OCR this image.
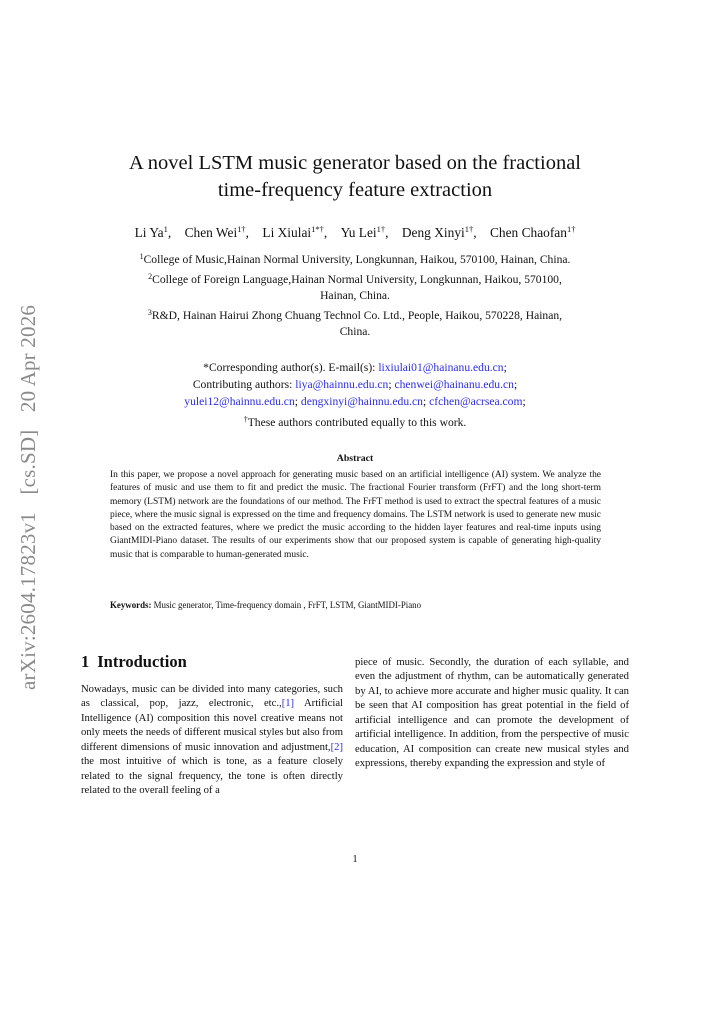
arXiv:2604.17823v1 [cs.SD] 20 Apr 2026
A novel LSTM music generator based on the fractional
time-frequency feature extraction
Li Ya$^1$, Chen Wei$^{1\dagger}$, Li Xiulai$^{1*\dagger}$, Yu Lei$^{1\dagger}$, Deng Xinyi$^{1\dagger}$, Chen Chaofan$^{1\dagger}$
$^1$College of Music,Hainan Normal University, Longkunnan, Haikou, 570100, Hainan, China.
$^2$College of Foreign Language,Hainan Normal University, Longkunnan, Haikou, 570100,
Hainan, China.
$^3$R&D, Hainan Hairui Zhong Chuang Technol Co. Ltd., People, Haikou, 570228, Hainan,
China.
*Corresponding author(s). E-mail(s): lixiulai01@hainanu.edu.cn;
Contributing authors: liya@hainnu.edu.cn; chenwei@hainanu.edu.cn;
yulei12@hainnu.edu.cn; dengxinyi@hainnu.edu.cn; cfchen@acrsea.com;
†These authors contributed equally to this work.
Abstract
In this paper, we propose a novel approach for generating music based on an artificial intelligence (AI) system. We analyze the features of music and use them to fit and predict the music. The fractional Fourier transform (FrFT) and the long short-term memory (LSTM) network are the foundations of our method. The FrFT method is used to extract the spectral features of a music piece, where the music signal is expressed on the time and frequency domains. The LSTM network is used to generate new music based on the extracted features, where we predict the music according to the hidden layer features and real-time inputs using GiantMIDI-Piano dataset. The results of our experiments show that our proposed system is capable of generating high-quality music that is comparable to human-generated music.
Keywords: Music generator, Time-frequency domain , FrFT, LSTM, GiantMIDI-Piano
1 Introduction
Nowadays, music can be divided into many categories, such as classical, pop, jazz, electronic, etc.,[1] Artificial Intelligence (AI) composition this novel creative means not only meets the needs of different musical styles but also from different dimensions of music innovation and adjustment,[2] the most intuitive of which is tone, as a feature closely related to the signal frequency, the tone is often directly related to the overall feeling of a
piece of music. Secondly, the duration of each syllable, and even the adjustment of rhythm, can be automatically generated by AI, to achieve more accurate and higher music quality. It can be seen that AI composition has great potential in the field of artificial intelligence and can promote the development of artificial intelligence. In addition, from the perspective of music education, AI composition can create new musical styles and expressions, thereby expanding the expression and style of
1
